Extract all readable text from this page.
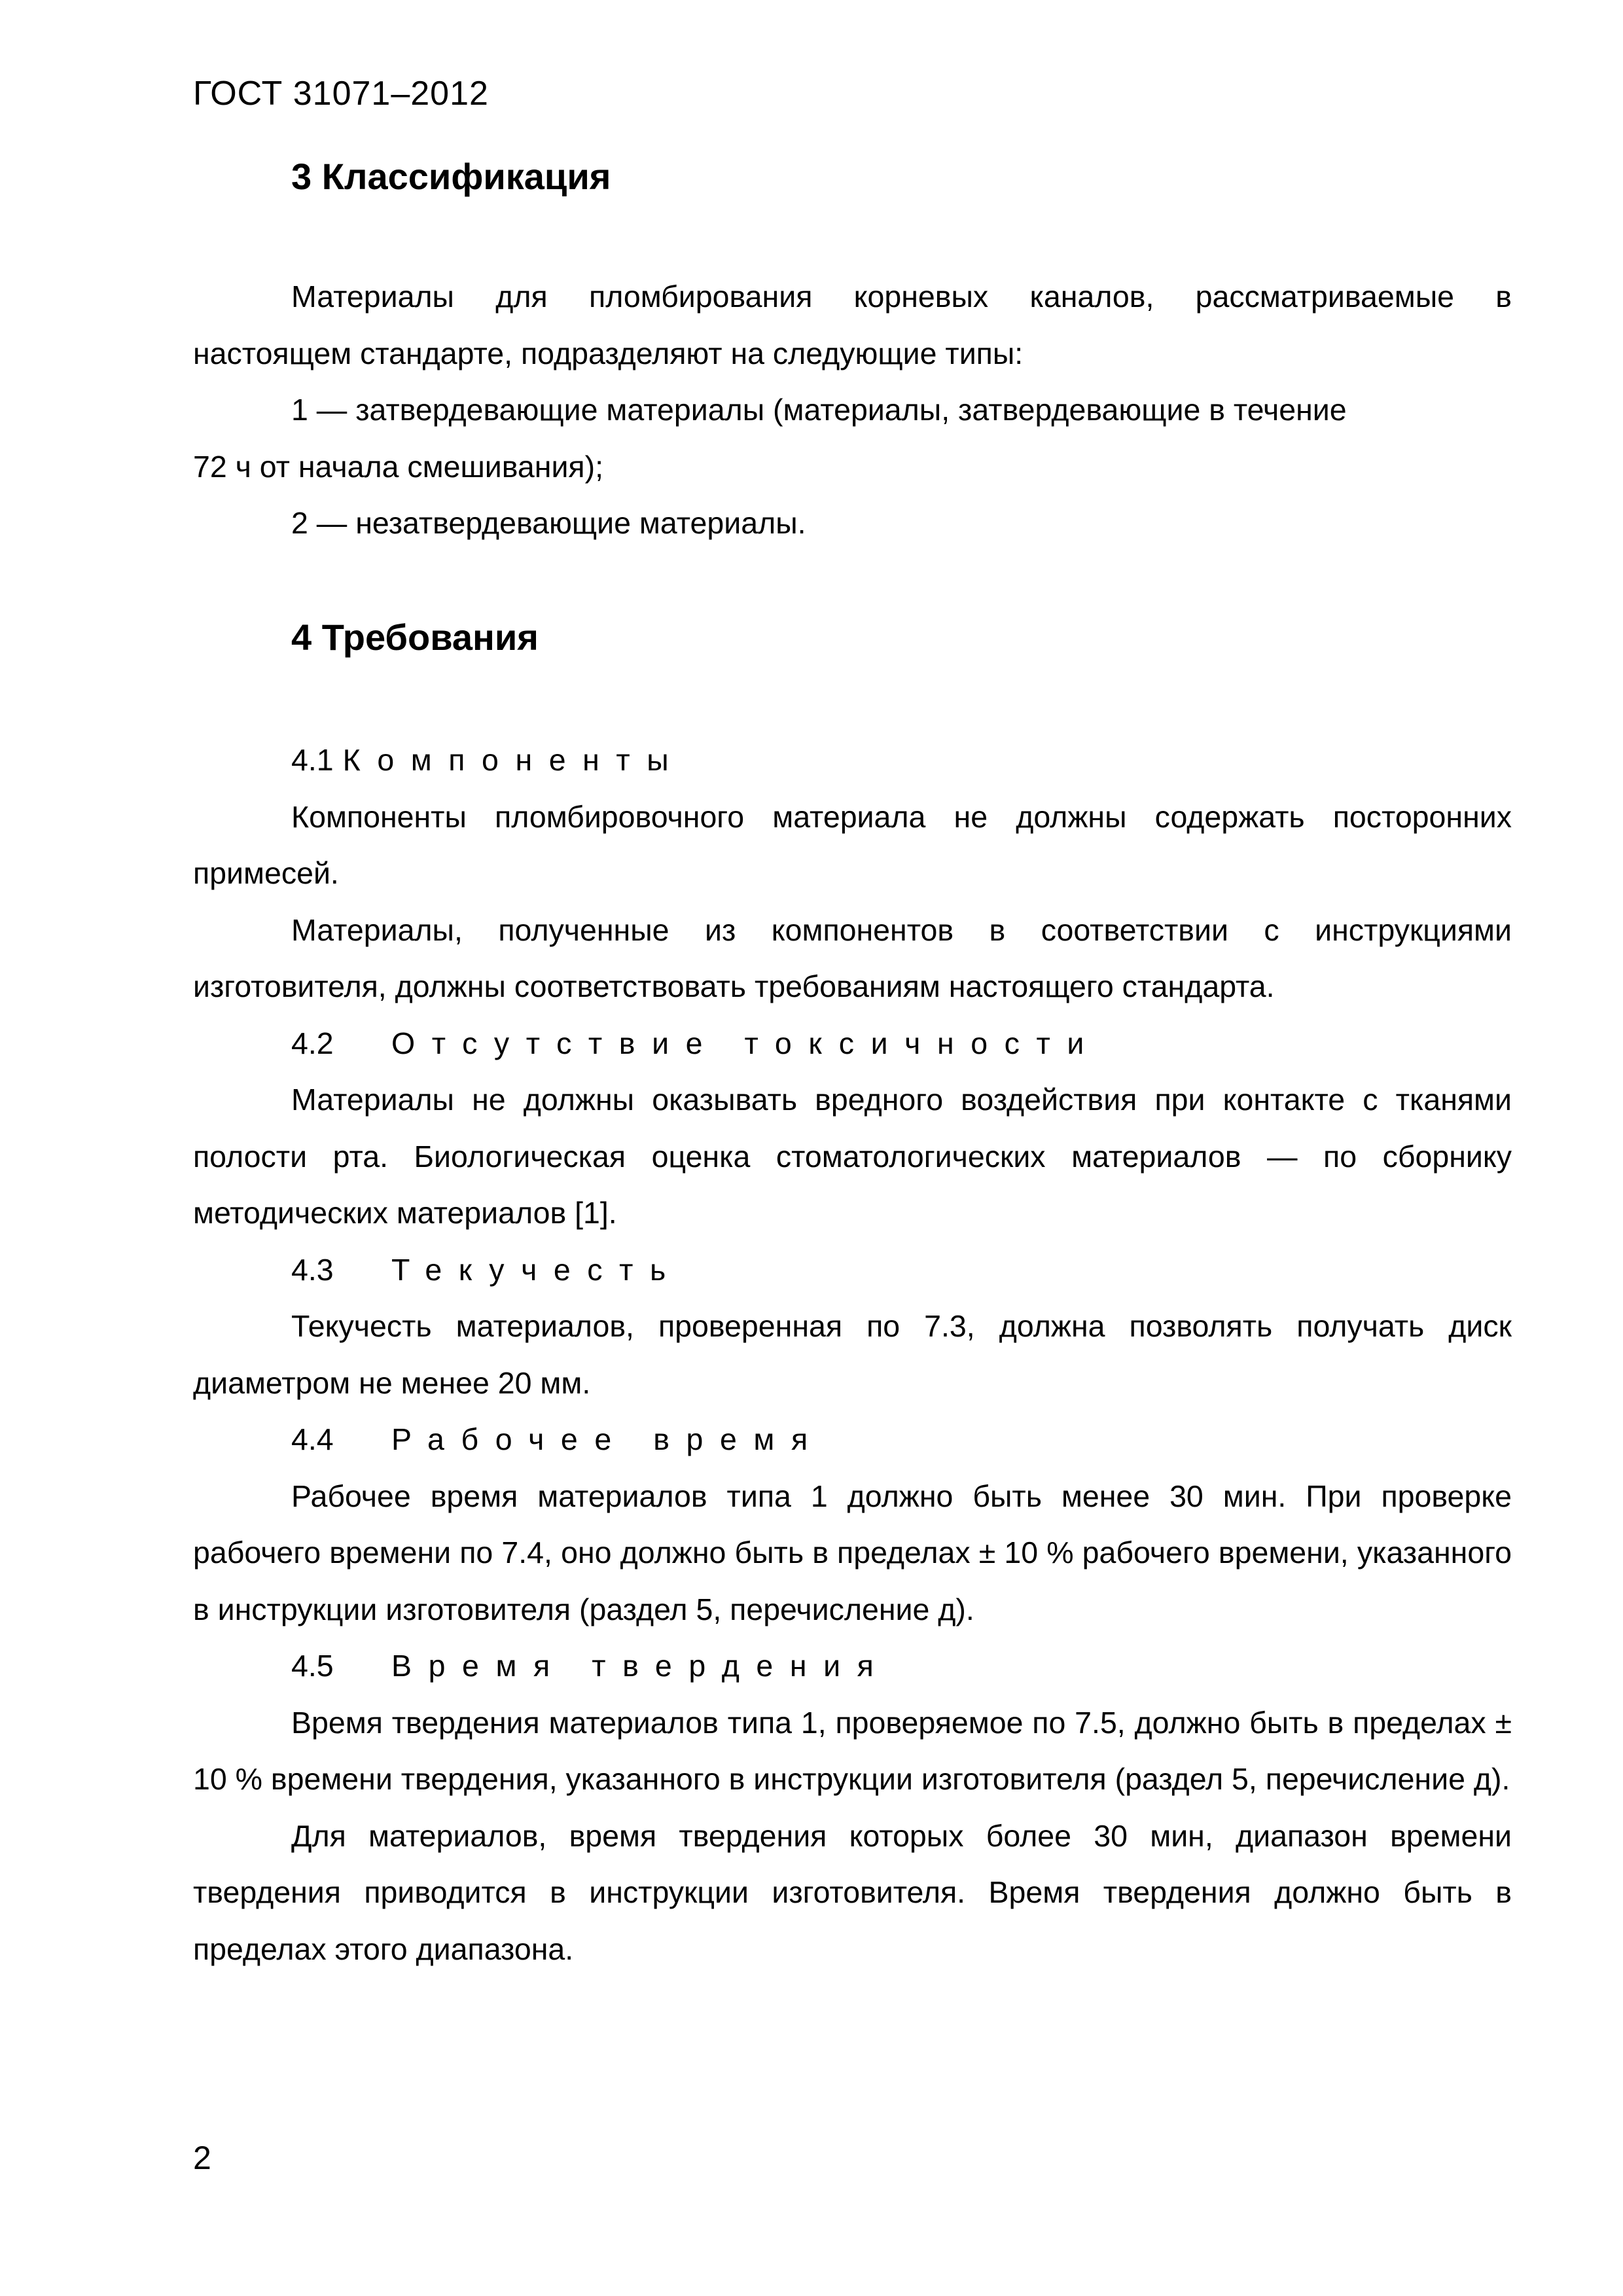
ГОСТ 31071–2012
3 Классификация
Материалы для пломбирования корневых каналов, рассматриваемые в
настоящем стандарте, подразделяют на следующие типы:
1 — затвердевающие материалы (материалы, затвердевающие в течение
72 ч от начала смешивания);
2 — незатвердевающие материалы.
4 Требования
4.1 Компоненты

Компоненты пломбировочного материала не должны содержать посторонних примесей.

Материалы, полученные из компонентов в соответствии с инструкциями изготовителя, должны соответствовать требованиям настоящего стандарта.

4.2 Отсутствие токсичности

Материалы не должны оказывать вредного воздействия при контакте с тканями полости рта. Биологическая оценка стоматологических материалов — по сборнику методических материалов [1].

4.3 Текучесть

Текучесть материалов, проверенная по 7.3, должна позволять получать диск диаметром не менее 20 мм.

4.4 Рабочее время

Рабочее время материалов типа 1 должно быть менее 30 мин. При проверке рабочего времени по 7.4, оно должно быть в пределах ± 10 % рабочего времени, указанного в инструкции изготовителя (раздел 5, перечисление д).

4.5 Время твердения

Время твердения материалов типа 1, проверяемое по 7.5, должно быть в пределах ± 10 % времени твердения, указанного в инструкции изготовителя (раздел 5, перечисление д).

Для материалов, время твердения которых более 30 мин, диапазон времени твердения приводится в инструкции изготовителя. Время твердения должно быть в пределах этого диапазона.

2
